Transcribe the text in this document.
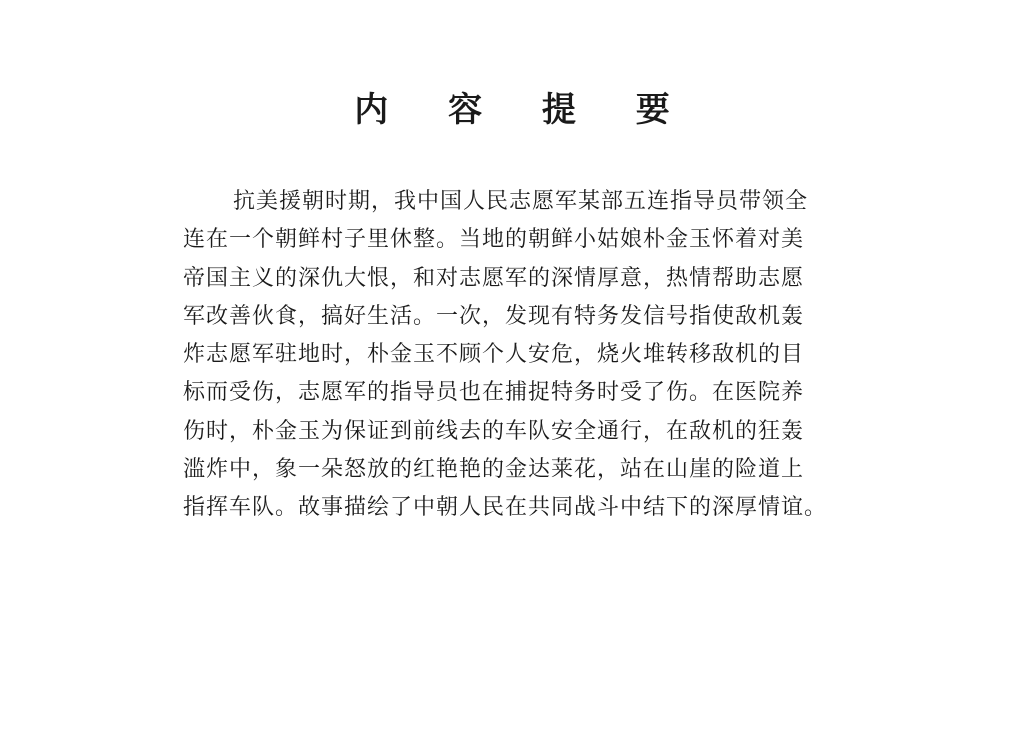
内 容 提 要
抗美援朝时期，我中国人民志愿军某部五连指导员带领全
连在一个朝鲜村子里休整。当地的朝鲜小姑娘朴金玉怀着对美
帝国主义的深仇大恨，和对志愿军的深情厚意，热情帮助志愿
军改善伙食，搞好生活。一次，发现有特务发信号指使敌机轰
炸志愿军驻地时，朴金玉不顾个人安危，烧火堆转移敌机的目
标而受伤，志愿军的指导员也在捕捉特务时受了伤。在医院养
伤时，朴金玉为保证到前线去的车队安全通行，在敌机的狂轰
滥炸中，象一朵怒放的红艳艳的金达莱花，站在山崖的险道上
指挥车队。故事描绘了中朝人民在共同战斗中结下的深厚情谊。
